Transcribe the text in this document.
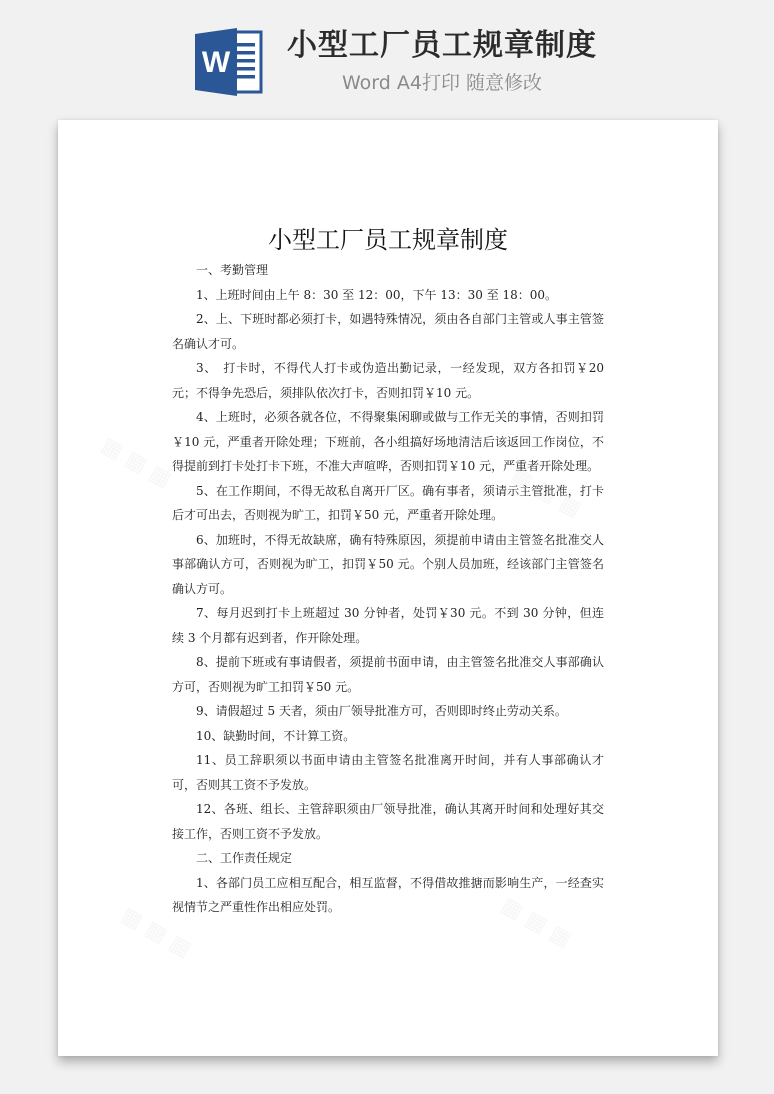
W 小型工厂员工规章制度
Word A4打印 随意修改
小型工厂员工规章制度

一、考勤管理

1、上班时间由上午 8：30 至 12：00，下午 13：30 至 18：00。

2、上、下班时都必须打卡，如遇特殊情况，须由各自部门主管或人事主管签名确认才可。

3、　打卡时，不得代人打卡或伪造出勤记录，一经发现，双方各扣罚￥20 元；不得争先恐后，须排队依次打卡，否则扣罚￥10 元。

4、上班时，必须各就各位，不得聚集闲聊或做与工作无关的事情，否则扣罚￥10 元，严重者开除处理；下班前，各小组搞好场地清洁后该返回工作岗位，不得提前到打卡处打卡下班，不准大声喧哗，否则扣罚￥10 元，严重者开除处理。

5、在工作期间，不得无故私自离开厂区。确有事者，须请示主管批准，打卡后才可出去，否则视为旷工，扣罚￥50 元，严重者开除处理。

6、加班时，不得无故缺席，确有特殊原因，须提前申请由主管签名批准交人事部确认方可，否则视为旷工，扣罚￥50 元。个别人员加班，经该部门主管签名确认方可。

7、每月迟到打卡上班超过 30 分钟者，处罚￥30 元。不到 30 分钟，但连续 3 个月都有迟到者，作开除处理。

8、提前下班或有事请假者，须提前书面申请，由主管签名批准交人事部确认方可，否则视为旷工扣罚￥50 元。

9、请假超过 5 天者，须由厂领导批准方可，否则即时终止劳动关系。

10、缺勤时间，不计算工资。

11、员工辞职须以书面申请由主管签名批准离开时间，并有人事部确认才可，否则其工资不予发放。

12、各班、组长、主管辞职须由厂领导批准，确认其离开时间和处理好其交接工作，否则工资不予发放。

二、工作责任规定

1、各部门员工应相互配合，相互监督，不得借故推搪而影响生产，一经查实视情节之严重性作出相应处罚。
